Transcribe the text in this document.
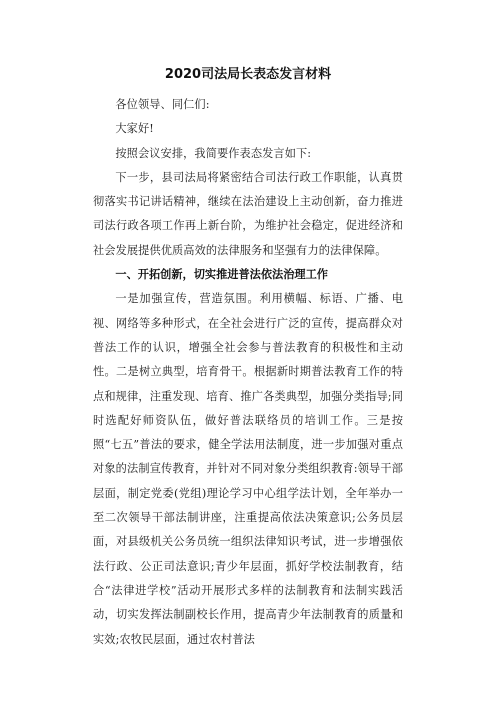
2020司法局长表态发言材料

各位领导、同仁们:

大家好!

按照会议安排，我简要作表态发言如下:

下一步，县司法局将紧密结合司法行政工作职能，认真贯彻落实书记讲话精神，继续在法治建设上主动创新，奋力推进司法行政各项工作再上新台阶，为维护社会稳定，促进经济和社会发展提供优质高效的法律服务和坚强有力的法律保障。

一、开拓创新，切实推进普法依法治理工作

一是加强宣传，营造氛围。利用横幅、标语、广播、电视、网络等多种形式，在全社会进行广泛的宣传，提高群众对普法工作的认识，增强全社会参与普法教育的积极性和主动性。二是树立典型，培育骨干。根据新时期普法教育工作的特点和规律，注重发现、培育、推广各类典型，加强分类指导;同时选配好师资队伍，做好普法联络员的培训工作。三是按照“七五”普法的要求，健全学法用法制度，进一步加强对重点对象的法制宣传教育，并针对不同对象分类组织教育:领导干部层面，制定党委(党组)理论学习中心组学法计划，全年举办一至二次领导干部法制讲座，注重提高依法决策意识;公务员层面，对县级机关公务员统一组织法律知识考试，进一步增强依法行政、公正司法意识;青少年层面，抓好学校法制教育，结合“法律进学校”活动开展形式多样的法制教育和法制实践活动，切实发挥法制副校长作用，提高青少年法制教育的质量和实效;农牧民层面，通过农村普法
